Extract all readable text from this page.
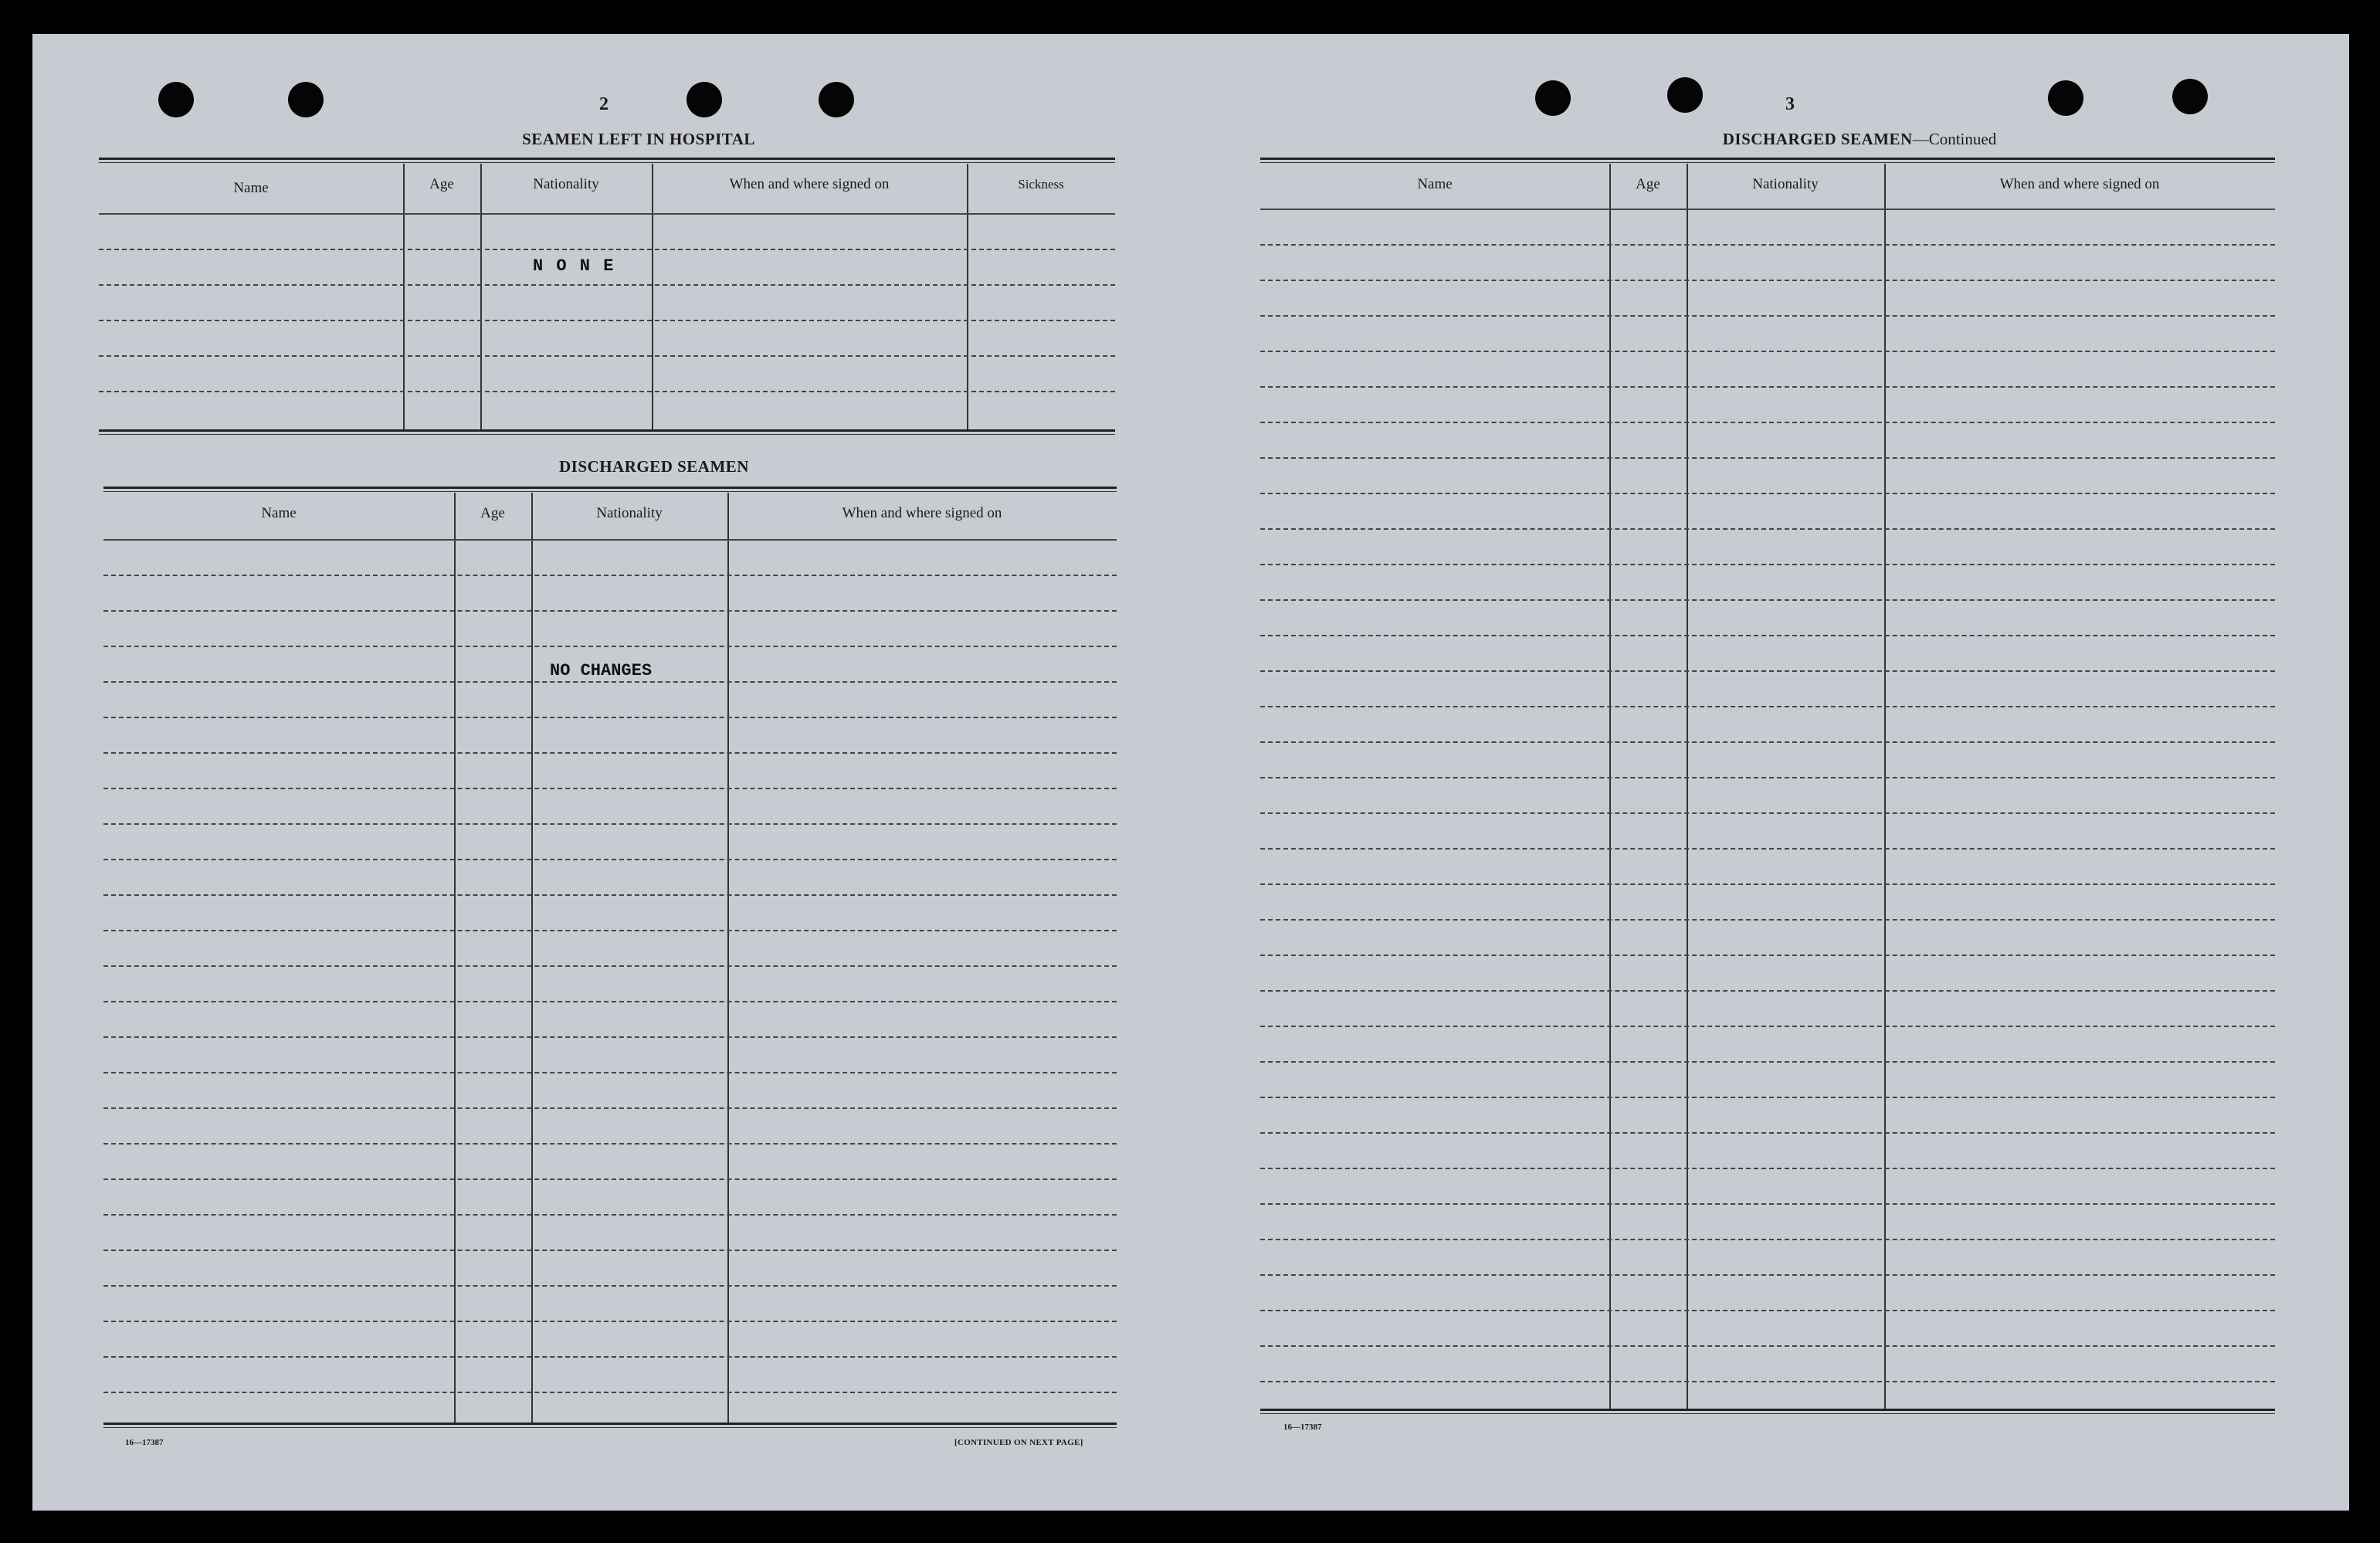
2
SEAMEN LEFT IN HOSPITAL
Name	Age	Nationality	When and where signed on	Sickness
N O N E
DISCHARGED SEAMEN
Name	Age	Nationality	When and where signed on
NO CHANGES
16—17387	[CONTINUED ON NEXT PAGE]
3
DISCHARGED SEAMEN—Continued
Name	Age	Nationality	When and where signed on
16—17387
